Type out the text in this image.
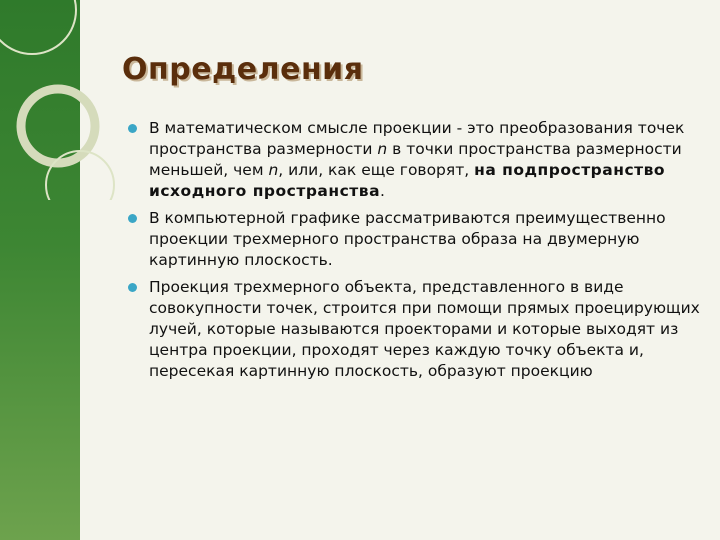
Определения
В математическом смысле проекции - это преобразования точек пространства размерности n в точки пространства размерности меньшей, чем n, или, как еще говорят, на подпространство исходного пространства.
В компьютерной графике рассматриваются преимущественно проекции трехмерного пространства образа на двумерную картинную плоскость.
Проекция трехмерного объекта, представленного в виде совокупности точек, строится при помощи прямых проецирующих лучей, которые называются проекторами и которые выходят из центра проекции, проходят через каждую точку объекта и, пересекая картинную плоскость, образуют проекцию
